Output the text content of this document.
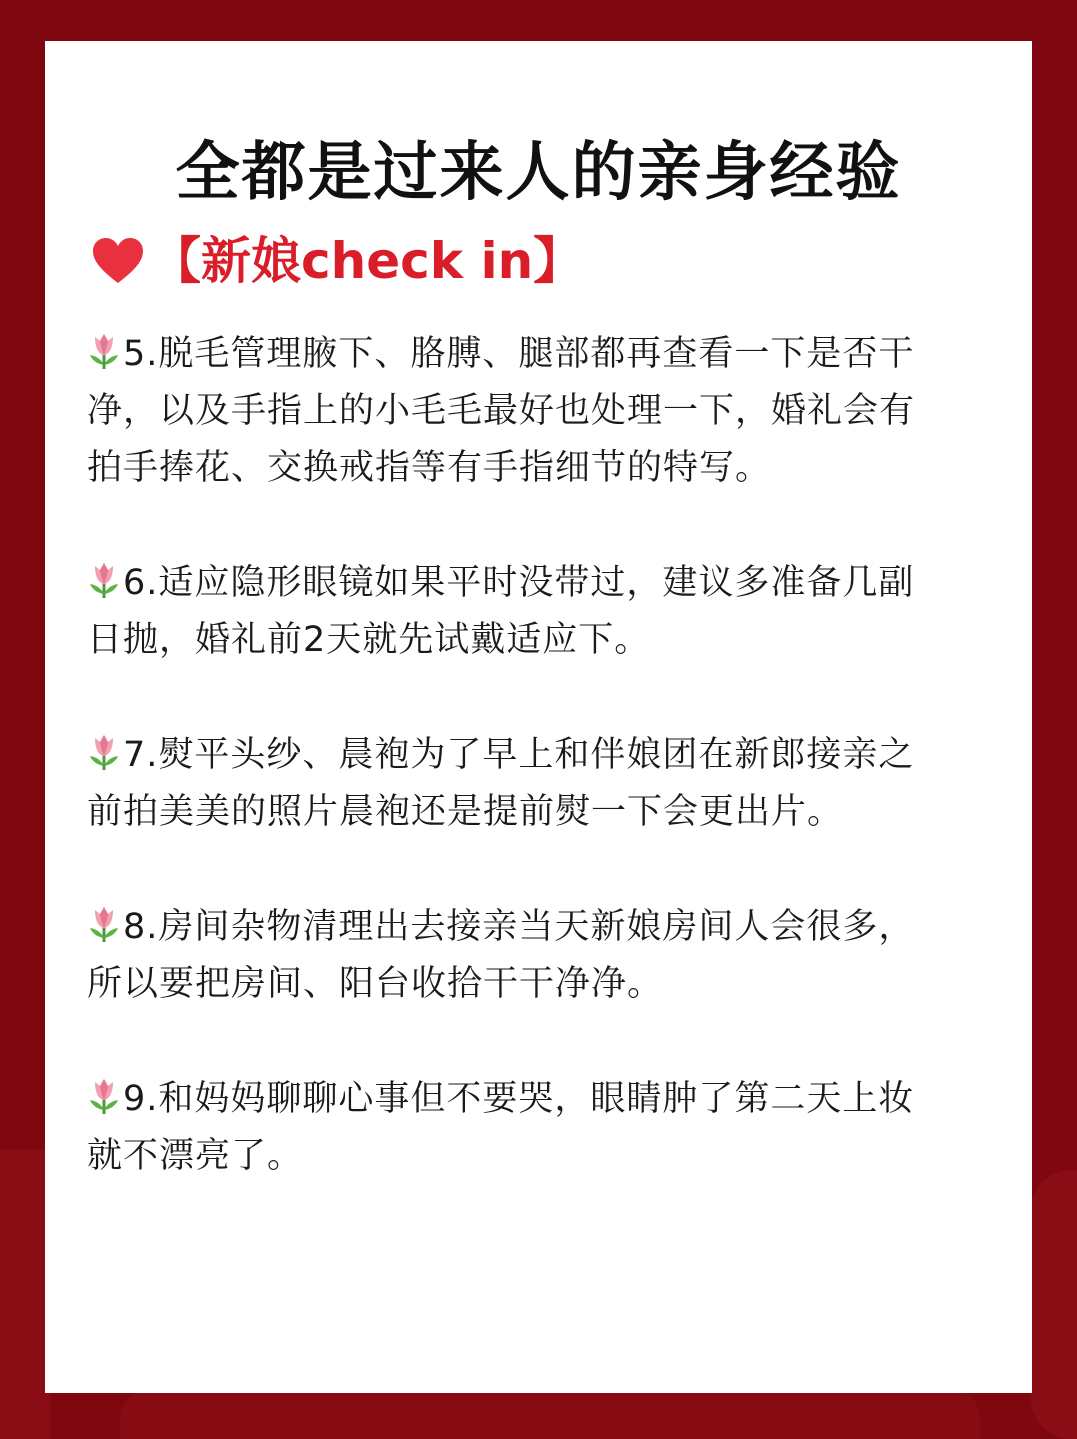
全都是过来人的亲身经验
【新娘check in】

5.脱毛管理腋下、胳膊、腿部都再查看一下是否干净，以及手指上的小毛毛最好也处理一下，婚礼会有拍手捧花、交换戒指等有手指细节的特写。

6.适应隐形眼镜如果平时没带过，建议多准备几副日抛，婚礼前2天就先试戴适应下。

7.熨平头纱、晨袍为了早上和伴娘团在新郎接亲之前拍美美的照片晨袍还是提前熨一下会更出片。

8.房间杂物清理出去接亲当天新娘房间人会很多，所以要把房间、阳台收拾干干净净。

9.和妈妈聊聊心事但不要哭，眼睛肿了第二天上妆就不漂亮了。
